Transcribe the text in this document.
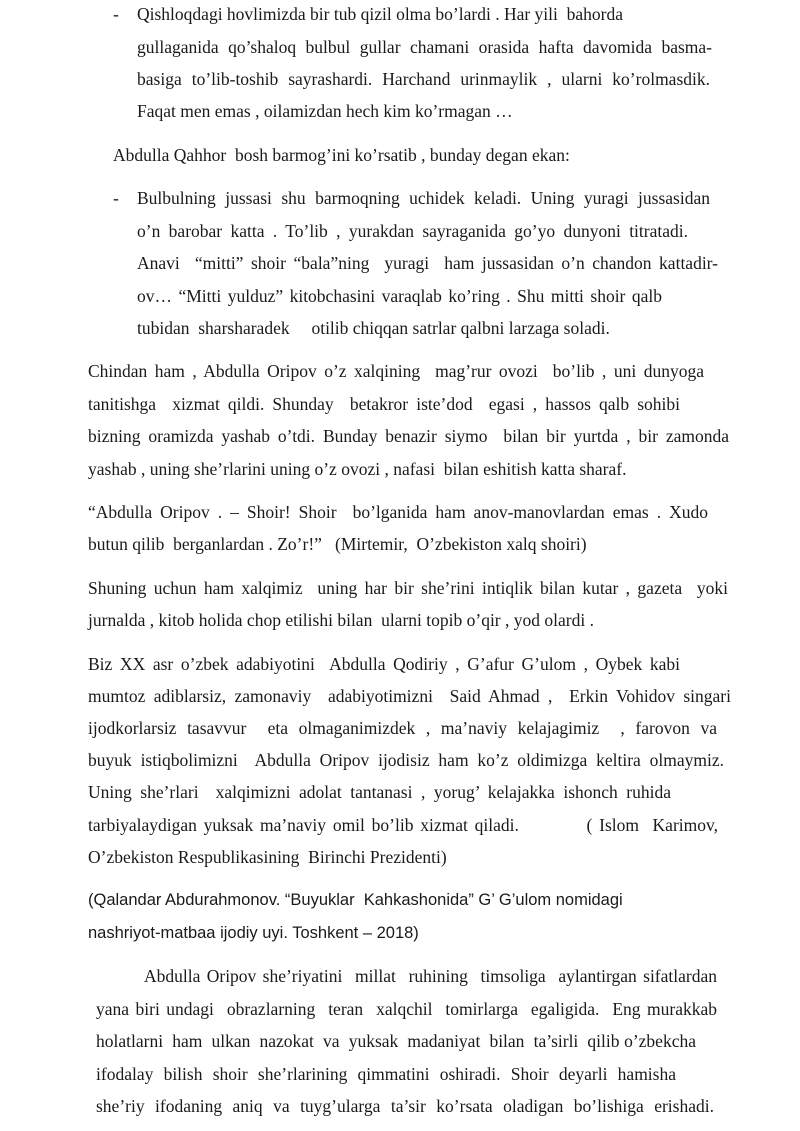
- Qishloqdagi hovlimizda bir tub qizil olma bo’lardi . Har yili  bahorda
gullaganida qo’shaloq bulbul gullar chamani orasida hafta davomida basma-
basiga to’lib-toshib sayrashardi. Harchand urinmaylik , ularni ko’rolmasdik.
Faqat men emas , oilamizdan hech kim ko’rmagan …
Abdulla Qahhor  bosh barmog’ini ko’rsatib , bunday degan ekan:
- Bulbulning jussasi shu barmoqning uchidek keladi. Uning yuragi jussasidan
o’n barobar katta . To’lib , yurakdan sayraganida go’yo dunyoni titratadi.
Anavi  “mitti” shoir “bala”ning  yuragi  ham jussasidan o’n chandon kattadir-
ov… “Mitti yulduz” kitobchasini varaqlab ko’ring . Shu mitti shoir qalb
tubidan  sharsharadek     otilib chiqqan satrlar qalbni larzaga soladi.
Chindan ham , Abdulla Oripov o’z xalqining  mag’rur ovozi  bo’lib , uni dunyoga
tanitishga  xizmat qildi. Shunday  betakror iste’dod  egasi , hassos qalb sohibi
bizning oramizda yashab o’tdi. Bunday benazir siymo  bilan bir yurtda , bir zamonda
yashab , uning she’rlarini uning o’z ovozi , nafasi  bilan eshitish katta sharaf.
“Abdulla Oripov . – Shoir! Shoir  bo’lganida ham anov-manovlardan emas . Xudo
butun qilib  berganlardan . Zo’r!”   (Mirtemir,  O’zbekiston xalq shoiri)
Shuning uchun ham xalqimiz  uning har bir she’rini intiqlik bilan kutar , gazeta  yoki
jurnalda , kitob holida chop etilishi bilan  ularni topib o’qir , yod olardi .
Biz XX asr o’zbek adabiyotini  Abdulla Qodiriy , G’afur G’ulom , Oybek kabi
mumtoz adiblarsiz, zamonaviy  adabiyotimizni  Said Ahmad ,  Erkin Vohidov singari
ijodkorlarsiz tasavvur  eta olmaganimizdek , ma’naviy kelajagimiz  , farovon va
buyuk istiqbolimizni  Abdulla Oripov ijodisiz ham ko’z oldimizga keltira olmaymiz.
Uning she’rlari  xalqimizni adolat tantanasi , yorug’ kelajakka ishonch ruhida
tarbiyalaydigan yuksak ma’naviy omil bo’lib xizmat qiladi.          ( Islom  Karimov,
O’zbekiston Respublikasining  Birinchi Prezidenti)
(Qalandar Abdurahmonov. “Buyuklar  Kahkashonida” G’ G’ulom nomidagi
nashriyot-matbaa ijodiy uyi. Toshkent – 2018)
Abdulla Oripov she’riyatini  millat  ruhining  timsoliga  aylantirgan sifatlardan
yana biri undagi  obrazlarning  teran  xalqchil  tomirlarga  egaligida.  Eng murakkab
holatlarni  ham  ulkan  nazokat  va  yuksak  madaniyat  bilan  ta’sirli  qilib o’zbekcha
ifodalay  bilish  shoir  she’rlarining  qimmatini  oshiradi.  Shoir  deyarli  hamisha
she’riy  ifodaning  aniq  va  tuyg’ularga  ta’sir  ko’rsata  oladigan  bo’lishiga  erishadi.
